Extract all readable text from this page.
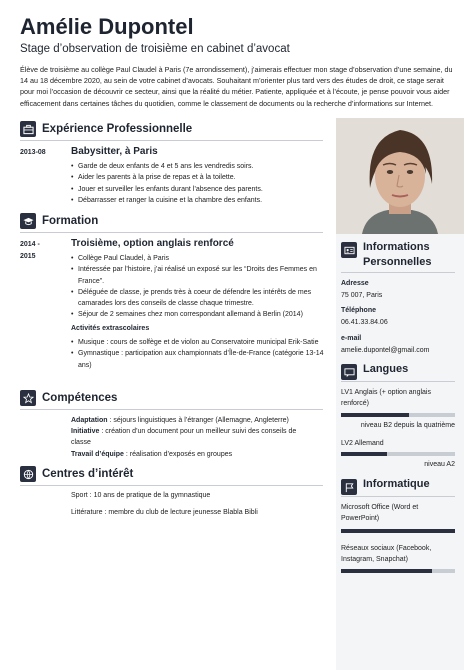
Amélie Dupontel
Stage d’observation de troisième en cabinet d’avocat
Élève de troisième au collège Paul Claudel à Paris (7e arrondissement), j’aimerais effectuer mon stage d’observation d’une semaine, du 14 au 18 décembre 2020, au sein de votre cabinet d’avocats. Souhaitant m’orienter plus tard vers des études de droit, ce stage serait pour moi l’occasion de découvrir ce secteur, ainsi que la réalité du métier. Patiente, appliquée et à l’écoute, je pense pouvoir vous aider efficacement dans certaines tâches du quotidien, comme le classement de documents ou la recherche d’informations sur Internet.
Expérience Professionnelle
2013-08	Babysitter, à Paris
• Garde de deux enfants de 4 et 5 ans les vendredis soirs.
• Aider les parents à la prise de repas et à la toilette.
• Jouer et surveiller les enfants durant l’absence des parents.
• Débarrasser et ranger la cuisine et la chambre des enfants.
Formation
2014 -
2015
Troisième, option anglais renforcé
• Collège Paul Claudel, à Paris
• Intéressée par l’histoire, j’ai réalisé un exposé sur les “Droits des Femmes en France”.
• Déléguée de classe, je prends très à coeur de défendre les intérêts de mes camarades lors des conseils de classe chaque trimestre.
• Séjour de 2 semaines chez mon correspondant allemand à Berlin (2014)
Activités extrascolaires
• Musique : cours de solfège et de violon au Conservatoire municipal Erik-Satie
• Gymnastique : participation aux championnats d’Île-de-France (catégorie 13-14 ans)
Compétences
Adaptation : séjours linguistiques à l’étranger (Allemagne, Angleterre)
Initiative : création d’un document pour un meilleur suivi des conseils de classe
Travail d’équipe : réalisation d’exposés en groupes
Centres d’intérêt
Sport : 10 ans de pratique de la gymnastique
Littérature : membre du club de lecture jeunesse Blabla Bibli
Informations
Personnelles
Adresse
75 007, Paris
Téléphone
06.41.33.84.06
e-mail
amelie.dupontel@gmail.com
Langues
LV1 Anglais (+ option anglais renforcé)
niveau B2 depuis la quatrième
LV2 Allemand
niveau A2
Informatique
Microsoft Office (Word et PowerPoint)
Réseaux sociaux (Facebook, Instagram, Snapchat)
